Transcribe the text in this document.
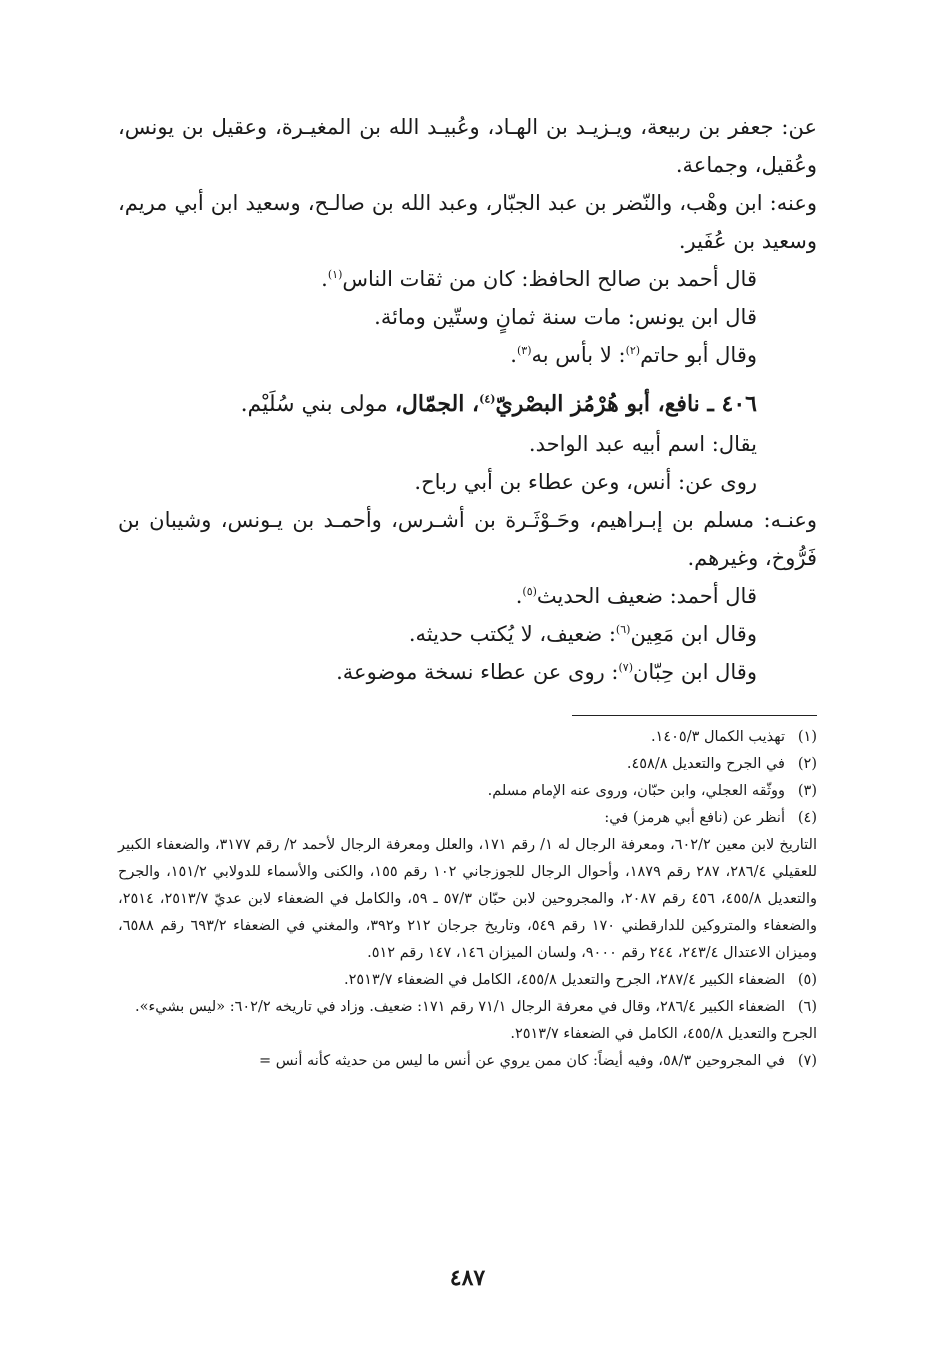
عن: جعفر بن ربيعة، ويـزيـد بن الهـاد، وعُبيـد الله بن المغيـرة، وعقيل بن يونس، وعُقيل، وجماعة.

وعنه: ابن وهْب، والنّضر بن عبد الجبّار، وعبد الله بن صالـح، وسعيد ابن أبي مريم، وسعيد بن عُفَير.

قال أحمد بن صالح الحافظ: كان من ثقات الناس$^{(١)}$.

قال ابن يونس: مات سنة ثمانٍ وستّين ومائة.

وقال أبو حاتم$^{(٢)}$: لا بأس به$^{(٣)}$.

٤٠٦ ـ نافع، أبو هُرْمُز البصْريّ$^{(٤)}$، الجمّال، مولى بني سُلَيْم.

يقال: اسم أبيه عبد الواحد.

روى عن: أنس، وعن عطاء بن أبي رباح.

وعنـه: مسلم بن إبـراهيم، وحَـوْثَـرة بن أشـرس، وأحمـد بن يـونس، وشيبان بن فَرُّوخ، وغيرهم.

قال أحمد: ضعيف الحديث$^{(٥)}$.

وقال ابن مَعِين$^{(٦)}$: ضعيف، لا يُكتب حديثه.

وقال ابن حِبّان$^{(٧)}$: روى عن عطاء نسخة موضوعة.

(١)تهذيب الكمال ١٤٠٥/٣.

(٢)في الجرح والتعديل ٤٥٨/٨.

(٣)ووثّقه العجلي، وابن حبّان، وروى عنه الإمام مسلم.

(٤)أنظر عن (نافع أبي هرمز) في:

التاريخ لابن معين ٦٠٢/٢، ومعرفة الرجال له ١/ رقم ١٧١، والعلل ومعرفة الرجال لأحمد ٢/ رقم ٣١٧٧، والضعفاء الكبير للعقيلي ٢٨٦/٤، ٢٨٧ رقم ١٨٧٩، وأحوال الرجال للجوزجاني ١٠٢ رقم ١٥٥، والكنى والأسماء للدولابي ١٥١/٢، والجرح والتعديل ٤٥٥/٨، ٤٥٦ رقم ٢٠٨٧، والمجروحين لابن حبّان ٥٧/٣ ـ ٥٩، والكامل في الضعفاء لابن عديّ ٢٥١٣/٧، ٢٥١٤، والضعفاء والمتروكين للدارقطني ١٧٠ رقم ٥٤٩، وتاريخ جرجان ٢١٢ و٣٩٢، والمغني في الضعفاء ٦٩٣/٢ رقم ٦٥٨٨، وميزان الاعتدال ٢٤٣/٤، ٢٤٤ رقم ٩٠٠٠، ولسان الميزان ١٤٦، ١٤٧ رقم ٥١٢.

(٥)الضعفاء الكبير ٢٨٧/٤، الجرح والتعديل ٤٥٥/٨، الكامل في الضعفاء ٢٥١٣/٧.

(٦)الضعفاء الكبير ٢٨٦/٤، وقال في معرفة الرجال ٧١/١ رقم ١٧١: ضعيف. وزاد في تاريخه ٦٠٢/٢: «ليس بشيء». الجرح والتعديل ٤٥٥/٨، الكامل في الضعفاء ٢٥١٣/٧.

(٧)في المجروحين ٥٨/٣، وفيه أيضاً: كان ممن يروي عن أنس ما ليس من حديثه كأنه أنس =

٤٨٧
